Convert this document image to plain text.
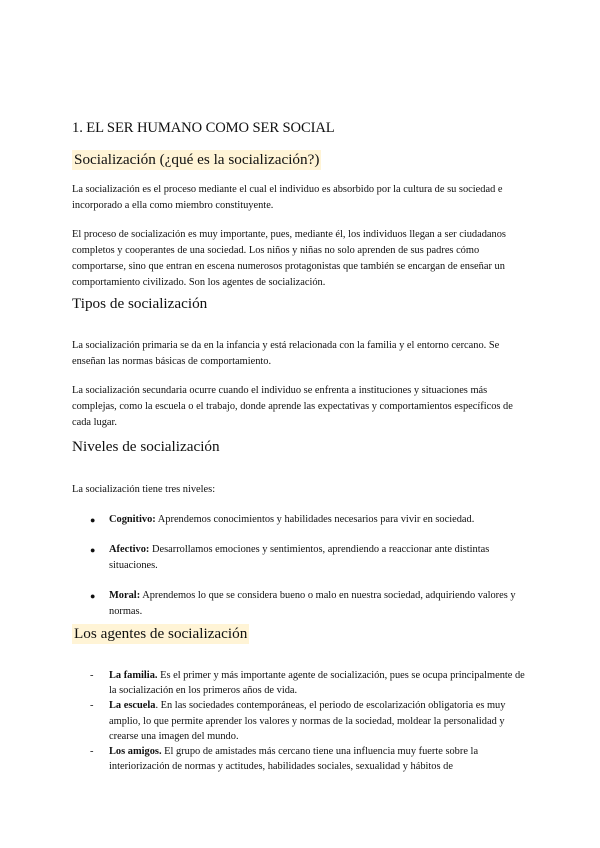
1. EL SER HUMANO COMO SER SOCIAL
Socialización (¿qué es la socialización?)

La socialización es el proceso mediante el cual el individuo es absorbido por la cultura de su sociedad e incorporado a ella como miembro constituyente.

El proceso de socialización es muy importante, pues, mediante él, los individuos llegan a ser ciudadanos completos y cooperantes de una sociedad. Los niños y niñas no solo aprenden de sus padres cómo comportarse, sino que entran en escena numerosos protagonistas que también se encargan de enseñar un comportamiento civilizado. Son los agentes de socialización.

Tipos de socialización

La socialización primaria se da en la infancia y está relacionada con la familia y el entorno cercano. Se enseñan las normas básicas de comportamiento.

La socialización secundaria ocurre cuando el individuo se enfrenta a instituciones y situaciones más complejas, como la escuela o el trabajo, donde aprende las expectativas y comportamientos específicos de cada lugar.

Niveles de socialización

La socialización tiene tres niveles:

● Cognitivo: Aprendemos conocimientos y habilidades necesarios para vivir en sociedad.
● Afectivo: Desarrollamos emociones y sentimientos, aprendiendo a reaccionar ante distintas situaciones.
● Moral: Aprendemos lo que se considera bueno o malo en nuestra sociedad, adquiriendo valores y normas.
Los agentes de socialización
- La familia. Es el primer y más importante agente de socialización, pues se ocupa principalmente de la socialización en los primeros años de vida.
- La escuela. En las sociedades contemporáneas, el periodo de escolarización obligatoria es muy amplio, lo que permite aprender los valores y normas de la sociedad, moldear la personalidad y crearse una imagen del mundo.
- Los amigos. El grupo de amistades más cercano tiene una influencia muy fuerte sobre la interiorización de normas y actitudes, habilidades sociales, sexualidad y hábitos de
